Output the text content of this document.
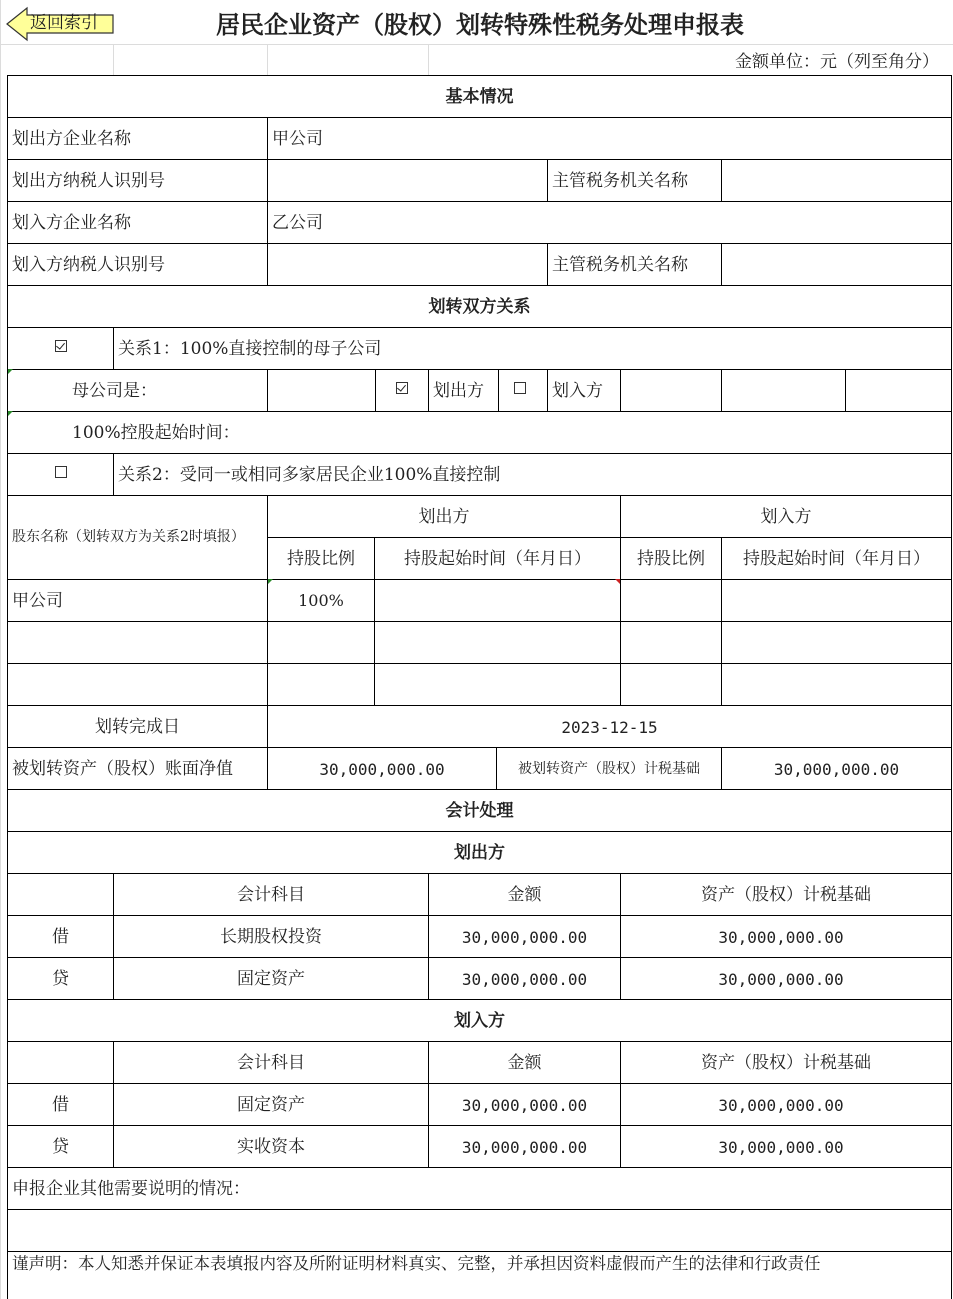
返回索引	居民企业资产（股权）划转特殊性税务处理申报表
金额单位：元（列至角分）
基本情况
划出方企业名称	甲公司
划出方纳税人识别号	主管税务机关名称
划入方企业名称	乙公司
划入方纳税人识别号	主管税务机关名称
划转双方关系
关系1：100%直接控制的母子公司
母公司是：	划出方	划入方
100%控股起始时间：
关系2：受同一或相同多家居民企业100%直接控制
股东名称（划转双方为关系2时填报）
划出方	划入方
持股比例	持股起始时间（年月日）	持股比例	持股起始时间（年月日）
甲公司	100%
划转完成日	2023-12-15
被划转资产（股权）账面净值	30,000,000.00	被划转资产（股权）计税基础	30,000,000.00
会计处理
划出方
会计科目	金额	资产（股权）计税基础
借	长期股权投资	30,000,000.00	30,000,000.00
贷	固定资产	30,000,000.00	30,000,000.00
划入方
会计科目	金额	资产（股权）计税基础
借	固定资产	30,000,000.00	30,000,000.00
贷	实收资本	30,000,000.00	30,000,000.00
申报企业其他需要说明的情况：
谨声明：本人知悉并保证本表填报内容及所附证明材料真实、完整，并承担因资料虚假而产生的法律和行政责任
